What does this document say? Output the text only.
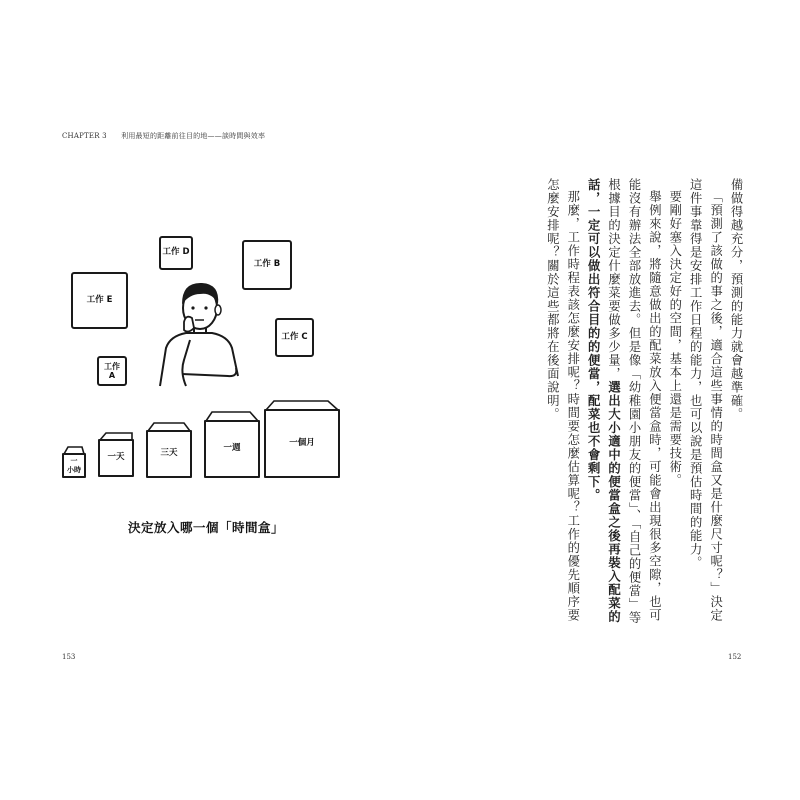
CHAPTER 3　　利用最短的距離前往目的地——談時間與效率
工作 D
工作 B
工作 E
工作 C
工作
A
一
小時
一天	三天	一週
一個月
決定放入哪一個「時間盒」

備做得越充分，預測的能力就會越準確。

「預測了該做的事之後，適合這些事情的時間盒又是什麼尺寸呢？」決定這件事靠得是安排工作日程的能力，也可以說是預估時間的能力。

要剛好塞入決定好的空間，基本上還是需要技術。

舉例來說，將隨意做出的配菜放入便當盒時，可能會出現很多空隙，也可能沒有辦法全部放進去。但是像「幼稚園小朋友的便當」、「自己的便當」等根據目的決定什麼菜要做多少量，選出大小適中的便當盒之後再裝入配菜的話，一定可以做出符合目的的便當，配菜也不會剩下。

那麼，工作時程表該怎麼安排呢？時間要怎麼估算呢？工作的優先順序要怎麼安排呢？關於這些都將在後面說明。

153	152
